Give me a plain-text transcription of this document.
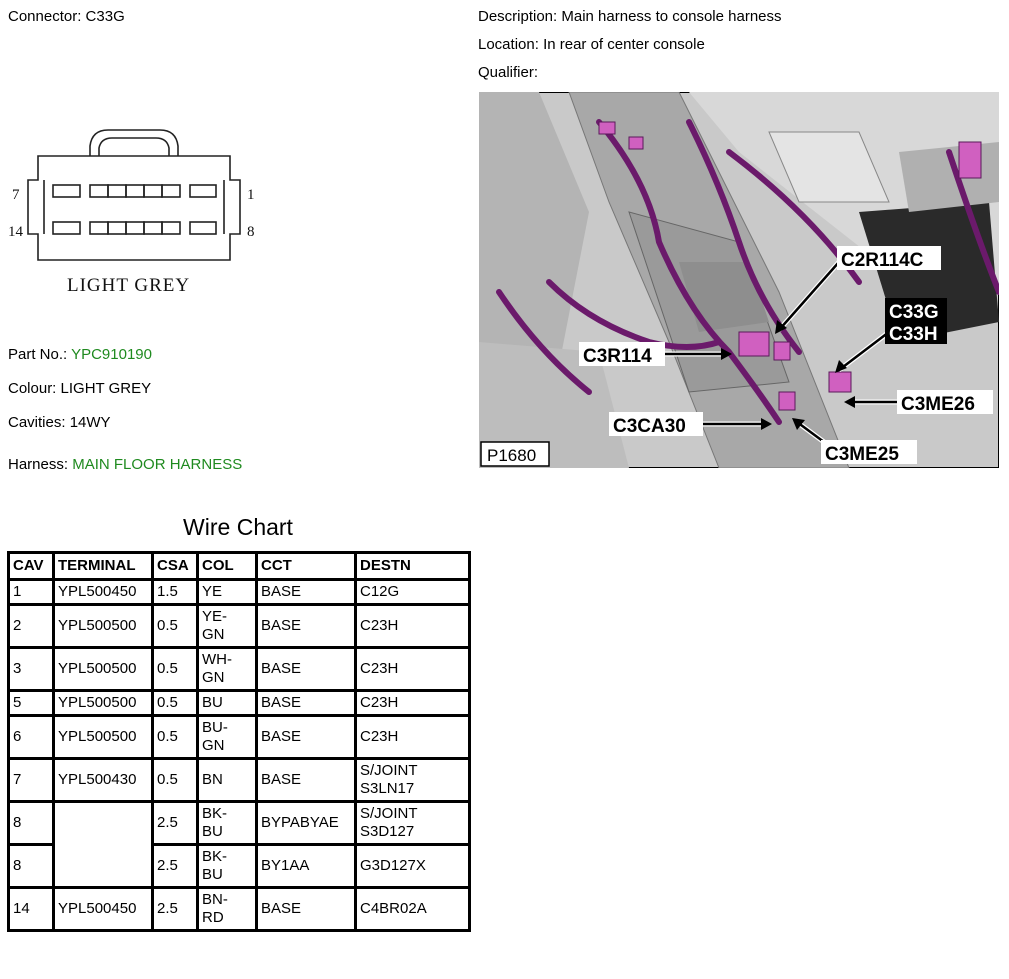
Connector: C33G	Description: Main harness to console harness
Location: In rear of center console
Qualifier:
7	1
14	8
LIGHT GREY
Part No.: YPC910190
Colour: LIGHT GREY
Cavities: 14WY
Harness: MAIN FLOOR HARNESS
C2R114C
C33G
C33H
C3R114
C3ME26
C3CA30
C3ME25
P1680
Wire Chart
CAV	TERMINAL	CSA	COL	CCT	DESTN
1	YPL500450	1.5	YE	BASE	C12G
2	YPL500500	0.5	YE-
GN	BASE	C23H
3	YPL500500	0.5	WH-
GN	BASE	C23H
5	YPL500500	0.5	BU	BASE	C23H
6	YPL500500	0.5	BU-
GN	BASE	C23H
7	YPL500430	0.5	BN	BASE	S/JOINT
S3LN17
8		2.5	BK-
BU	BYPABYAE	S/JOINT
S3D127
8		2.5	BK-
BU	BY1AA	G3D127X
14	YPL500450	2.5	BN-
RD	BASE	C4BR02A
